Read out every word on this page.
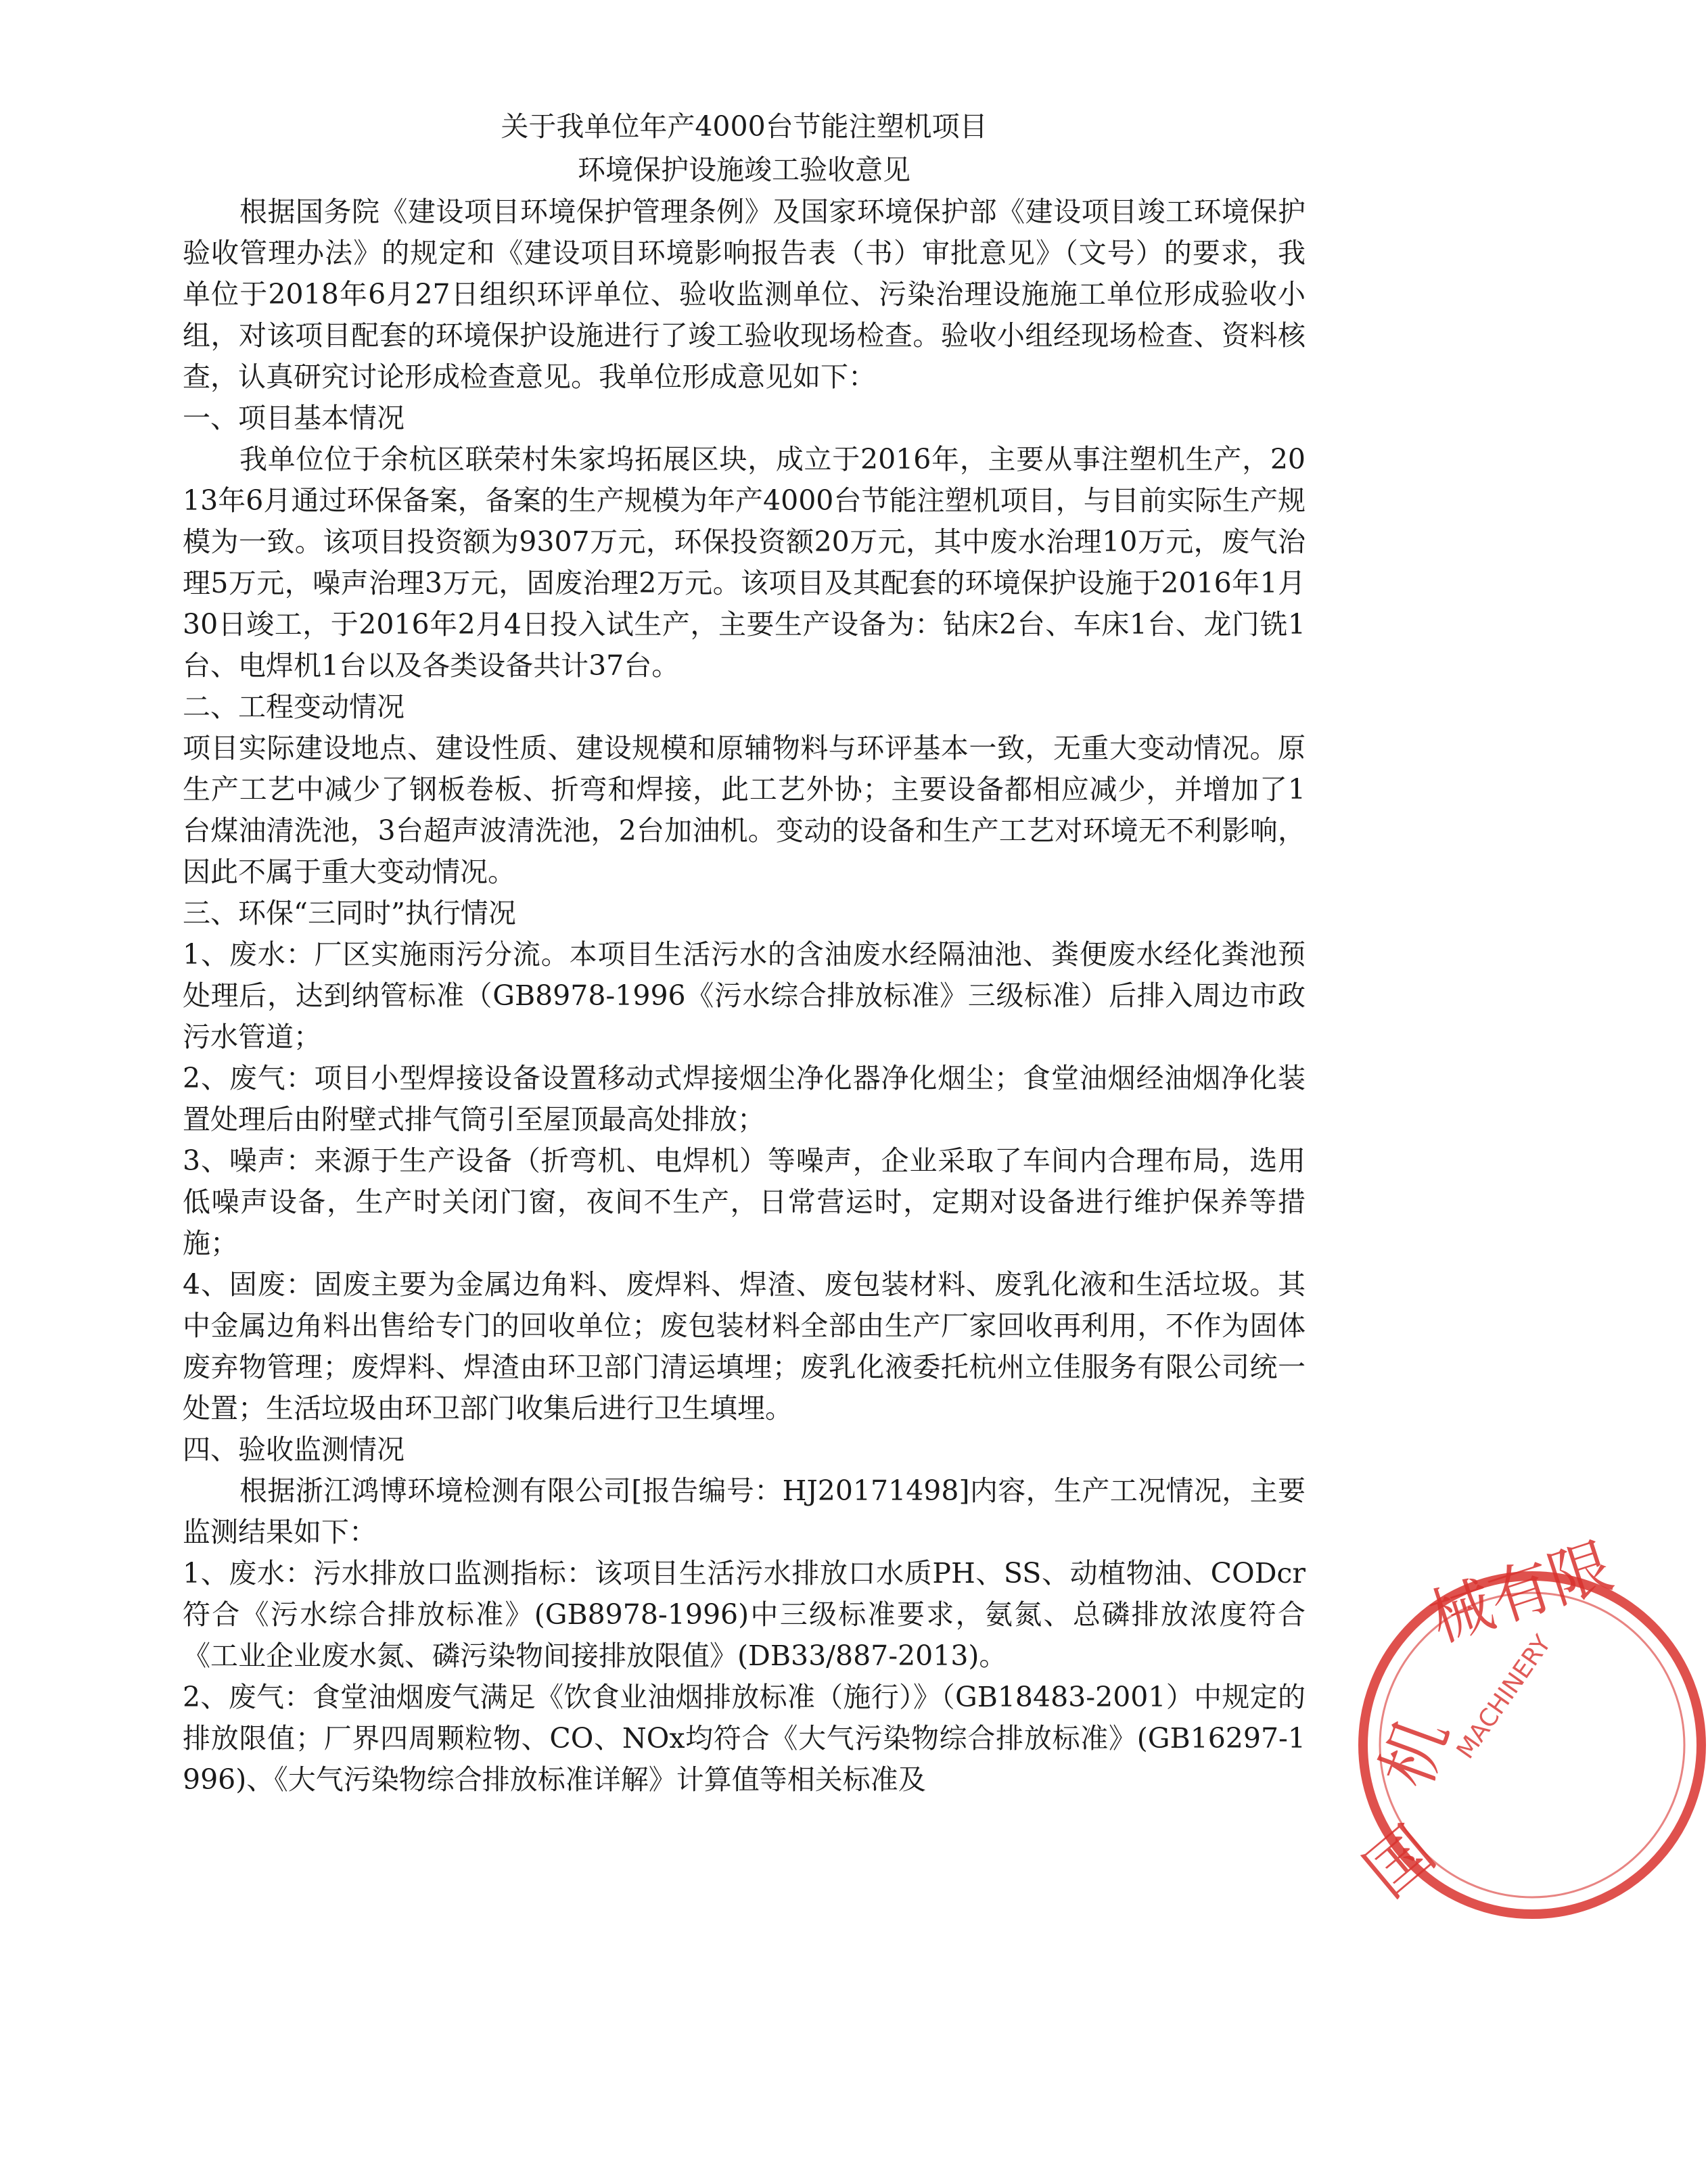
关于我单位年产4000台节能注塑机项目
环境保护设施竣工验收意见

根据国务院《建设项目环境保护管理条例》及国家环境保护部《建设项目竣工环境保护验收管理办法》的规定和《建设项目环境影响报告表（书）审批意见》（文号）的要求，我单位于2018年6月27日组织环评单位、验收监测单位、污染治理设施施工单位形成验收小组，对该项目配套的环境保护设施进行了竣工验收现场检查。验收小组经现场检查、资料核查，认真研究讨论形成检查意见。我单位形成意见如下：

一、项目基本情况

我单位位于余杭区联荣村朱家坞拓展区块，成立于2016年，主要从事注塑机生产，2013年6月通过环保备案，备案的生产规模为年产4000台节能注塑机项目，与目前实际生产规模为一致。该项目投资额为9307万元，环保投资额20万元，其中废水治理10万元，废气治理5万元，噪声治理3万元，固废治理2万元。该项目及其配套的环境保护设施于2016年1月30日竣工，于2016年2月4日投入试生产，主要生产设备为：钻床2台、车床1台、龙门铣1台、电焊机1台以及各类设备共计37台。

二、工程变动情况

项目实际建设地点、建设性质、建设规模和原辅物料与环评基本一致，无重大变动情况。原生产工艺中减少了钢板卷板、折弯和焊接，此工艺外协；主要设备都相应减少，并增加了1台煤油清洗池，3台超声波清洗池，2台加油机。变动的设备和生产工艺对环境无不利影响，因此不属于重大变动情况。

三、环保“三同时”执行情况

1、废水：厂区实施雨污分流。本项目生活污水的含油废水经隔油池、粪便废水经化粪池预处理后，达到纳管标准（GB8978-1996《污水综合排放标准》三级标准）后排入周边市政污水管道；

2、废气：项目小型焊接设备设置移动式焊接烟尘净化器净化烟尘；食堂油烟经油烟净化装置处理后由附壁式排气筒引至屋顶最高处排放；

3、噪声：来源于生产设备（折弯机、电焊机）等噪声，企业采取了车间内合理布局，选用低噪声设备，生产时关闭门窗，夜间不生产，日常营运时，定期对设备进行维护保养等措施；

4、固废：固废主要为金属边角料、废焊料、焊渣、废包装材料、废乳化液和生活垃圾。其中金属边角料出售给专门的回收单位；废包装材料全部由生产厂家回收再利用，不作为固体废弃物管理；废焊料、焊渣由环卫部门清运填埋；废乳化液委托杭州立佳服务有限公司统一处置；生活垃圾由环卫部门收集后进行卫生填埋。

四、验收监测情况

根据浙江鸿博环境检测有限公司[报告编号：HJ20171498]内容，生产工况情况，主要监测结果如下：

1、废水：污水排放口监测指标：该项目生活污水排放口水质PH、SS、动植物油、CODcr符合《污水综合排放标准》(GB8978-1996)中三级标准要求，氨氮、总磷排放浓度符合《工业企业废水氮、磷污染物间接排放限值》(DB33/887-2013)。

2、废气：食堂油烟废气满足《饮食业油烟排放标准（施行）》（GB18483-2001）中规定的排放限值；厂界四周颗粒物、CO、NOx均符合《大气污染物综合排放标准》(GB16297-1996)、《大气污染物综合排放标准详解》计算值等相关标准及

械有限
机
国
MACHINERY
